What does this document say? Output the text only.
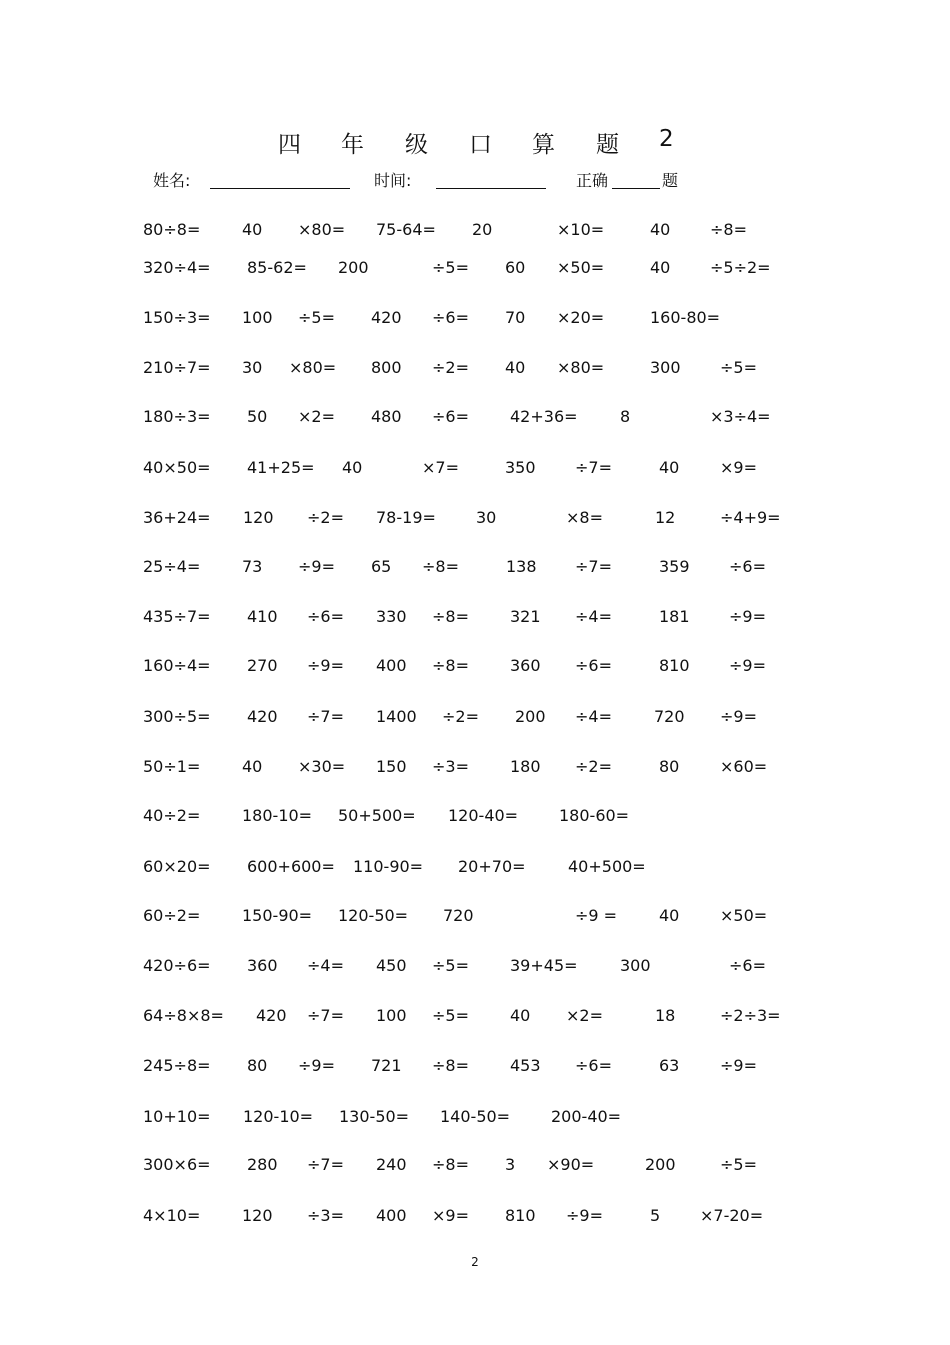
四 年 级 口 算 题 2
姓名:	时间:	正确	题
80÷8=	40 ×80= 75-64= 20	×10=	40 ÷8=
320÷4= 85-62= 200	÷5= 60 ×50=	40 ÷5÷2=
150÷3= 100 ÷5= 420 ÷6= 70 ×20=	160-80=
210÷7= 30 ×80= 800 ÷2= 40 ×80=	300 ÷5=
180÷3= 50 ×2= 480 ÷6=	42+36=	8	×3÷4=
40×50= 41+25= 40	×7=	350 ÷7=	40	×9=
36+24= 120 ÷2= 78-19=	30	×8=	12	÷4+9=
25÷4=	73 ÷9= 65 ÷8=	138 ÷7=	359 ÷6=
435÷7= 410 ÷6= 330 ÷8=	321 ÷4=	181 ÷9=
160÷4= 270 ÷9= 400 ÷8=	360 ÷6=	810 ÷9=
300÷5= 420 ÷7= 1400 ÷2= 200 ÷4=	720 ÷9=
50÷1=	40 ×30= 150 ÷3=	180 ÷2=	80	×60=
40÷2=	180-10= 50+500= 120-40=	180-60=
60×20= 600+600= 110-90= 20+70=	40+500=
60÷2=	150-90= 120-50= 720	÷9 =	40	×50=
420÷6= 360 ÷4= 450 ÷5=	39+45=	300	÷6=
64÷8×8= 420 ÷7= 100 ÷5=	40 ×2=	18	÷2÷3=
245÷8= 80 ÷9= 721 ÷8=	453 ÷6=	63	÷9=
10+10= 120-10= 130-50= 140-50=	200-40=
300×6= 280 ÷7= 240 ÷8= 3 ×90=	200	÷5=
4×10=	120 ÷3= 400 ×9= 810 ÷9=	5 ×7-20=
2
